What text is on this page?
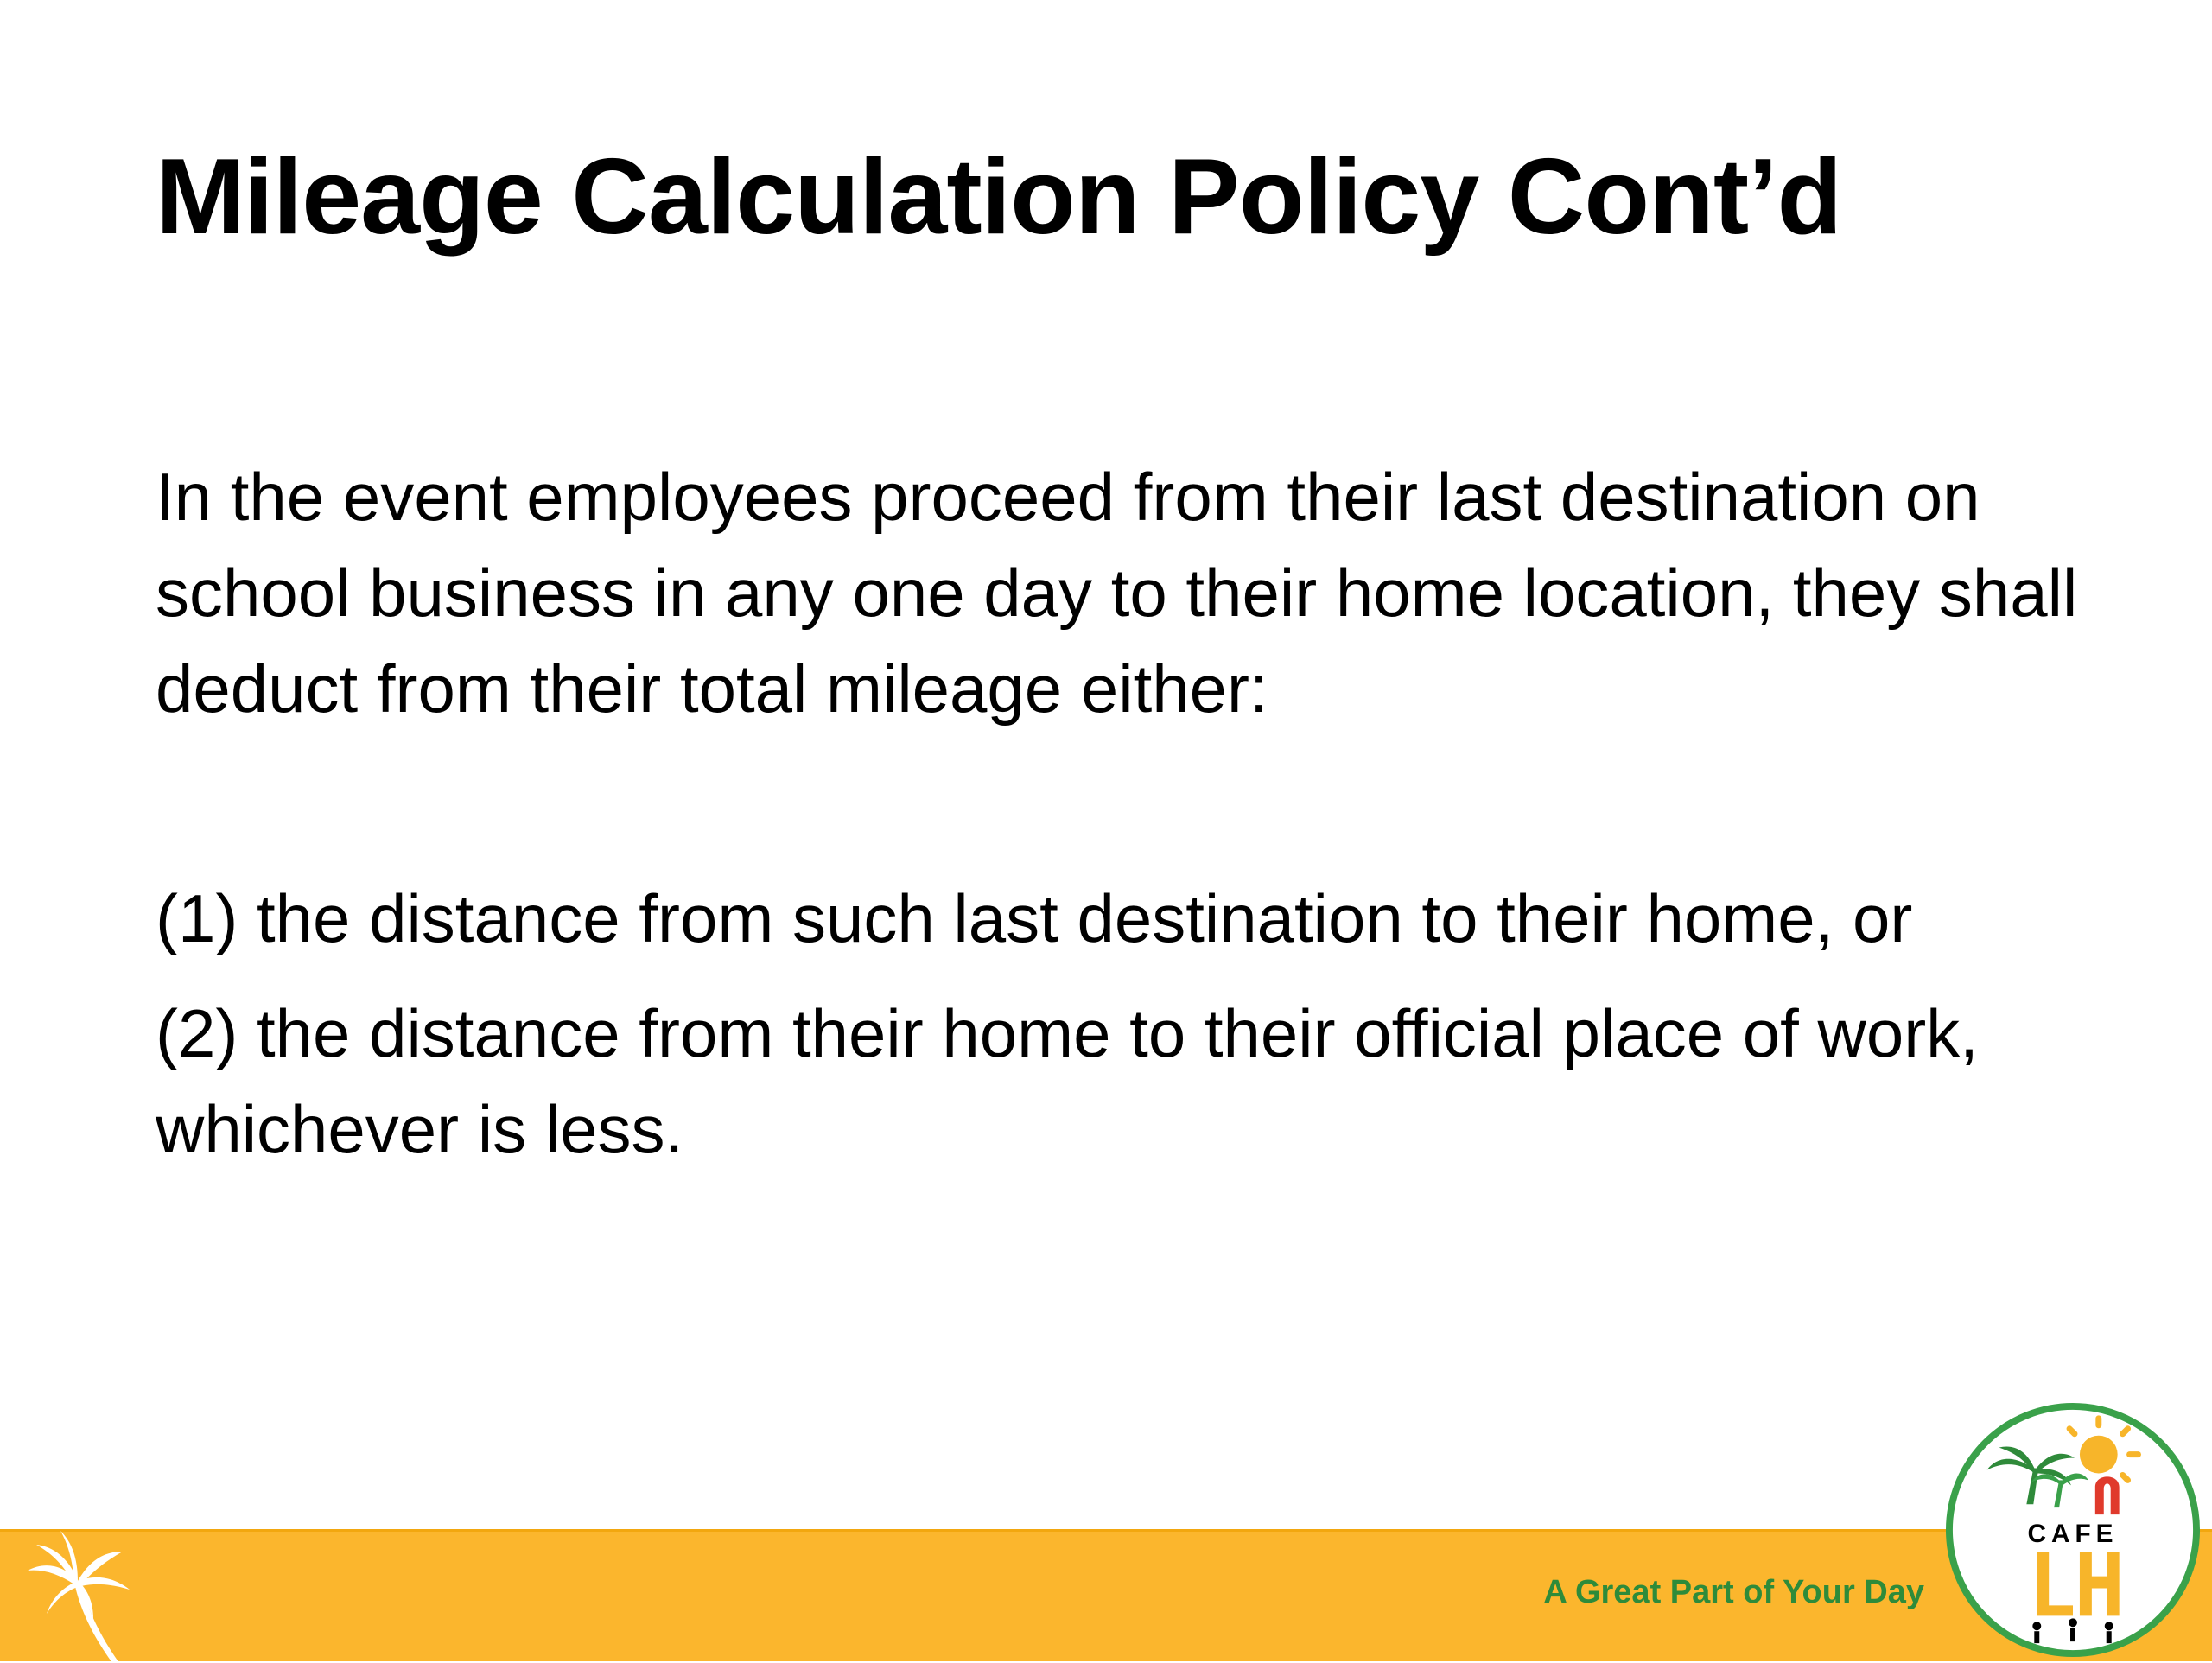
Mileage Calculation Policy Cont’d

In the event employees proceed from their last destination on school business in any one day to their home location, they shall deduct from their total mileage either:

(1) the distance from such last destination to their home, or

(2) the distance from their home to their official place of work, whichever is less.

A Great Part of Your Day
CAFE
